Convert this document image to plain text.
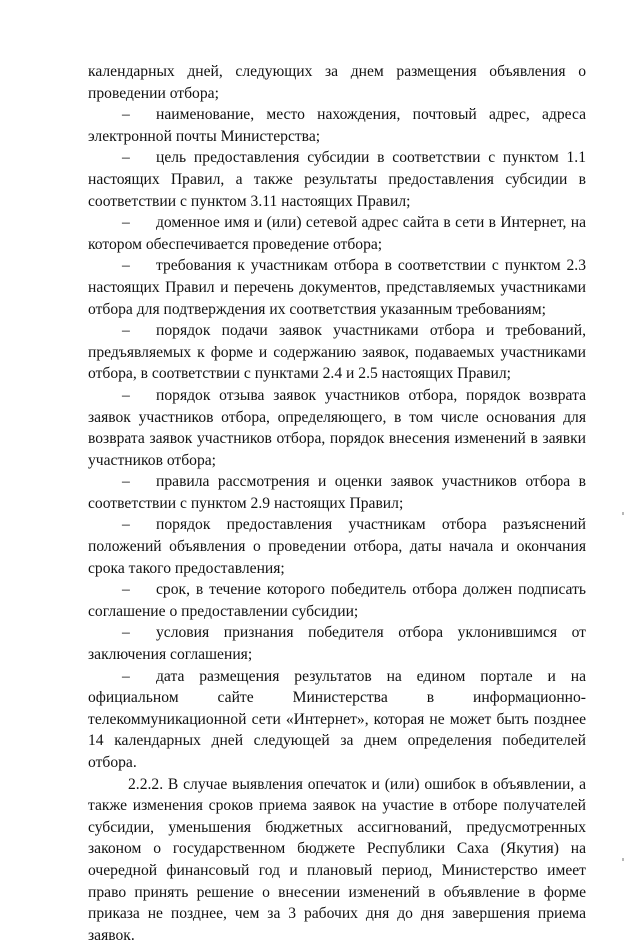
календарных дней, следующих за днем размещения объявления о проведении отбора;

– наименование, место нахождения, почтовый адрес, адреса электронной почты Министерства;

– цель предоставления субсидии в соответствии с пунктом 1.1 настоящих Правил, а также результаты предоставления субсидии в соответствии с пунктом 3.11 настоящих Правил;

– доменное имя и (или) сетевой адрес сайта в сети в Интернет, на котором обеспечивается проведение отбора;

– требования к участникам отбора в соответствии с пунктом 2.3 настоящих Правил и перечень документов, представляемых участниками отбора для подтверждения их соответствия указанным требованиям;

– порядок подачи заявок участниками отбора и требований, предъявляемых к форме и содержанию заявок, подаваемых участниками отбора, в соответствии с пунктами 2.4 и 2.5 настоящих Правил;

– порядок отзыва заявок участников отбора, порядок возврата заявок участников отбора, определяющего, в том числе основания для возврата заявок участников отбора, порядок внесения изменений в заявки участников отбора;

– правила рассмотрения и оценки заявок участников отбора в соответствии с пунктом 2.9 настоящих Правил;

– порядок предоставления участникам отбора разъяснений положений объявления о проведении отбора, даты начала и окончания срока такого предоставления;

– срок, в течение которого победитель отбора должен подписать соглашение о предоставлении субсидии;

– условия признания победителя отбора уклонившимся от заключения соглашения;

– дата размещения результатов на едином портале и на официальном сайте Министерства в информационно-телекоммуникационной сети «Интернет», которая не может быть позднее 14 календарных дней следующей за днем определения победителей отбора.

2.2.2. В случае выявления опечаток и (или) ошибок в объявлении, а также изменения сроков приема заявок на участие в отборе получателей субсидии, уменьшения бюджетных ассигнований, предусмотренных законом о государственном бюджете Республики Саха (Якутия) на очередной финансовый год и плановый период, Министерство имеет право принять решение о внесении изменений в объявление в форме приказа не позднее, чем за 3 рабочих дня до дня завершения приема заявок.
